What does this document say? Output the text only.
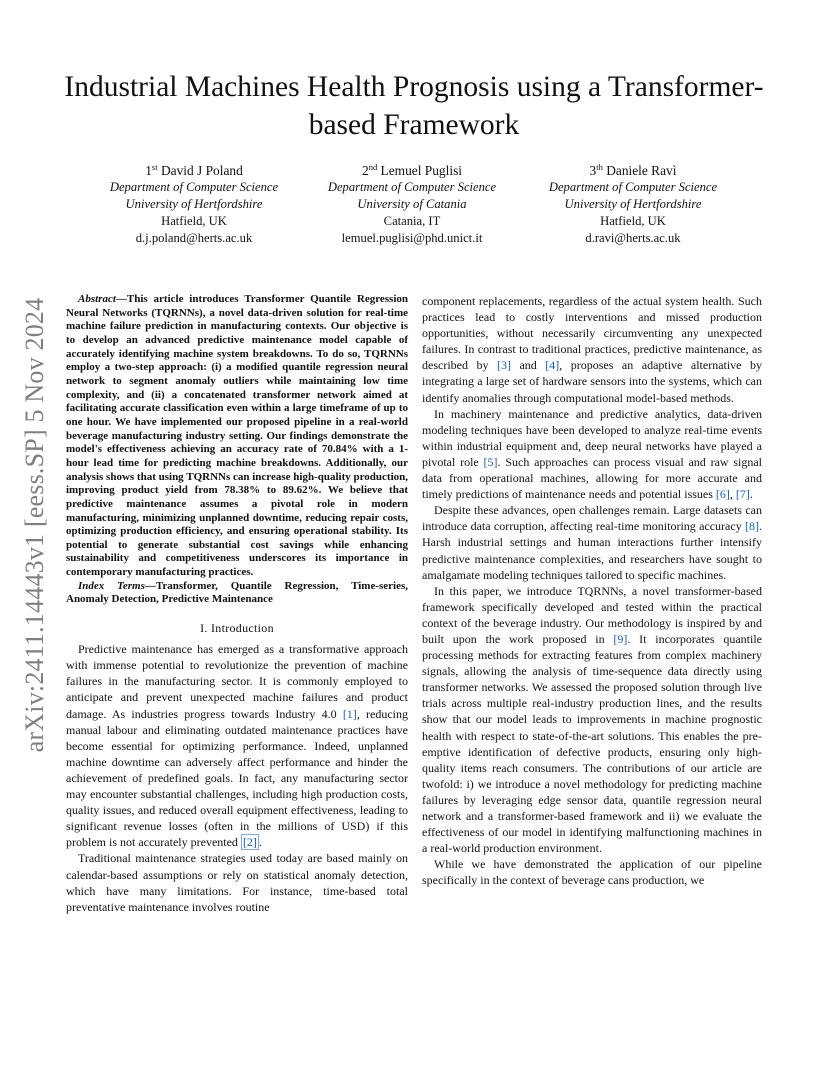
arXiv:2411.14443v1 [eess.SP] 5 Nov 2024
Industrial Machines Health Prognosis using a Transformer-based Framework
1st David J Poland
Department of Computer Science
University of Hertfordshire
Hatfield, UK
d.j.poland@herts.ac.uk
2nd Lemuel Puglisi
Department of Computer Science
University of Catania
Catania, IT
lemuel.puglisi@phd.unict.it
3th Daniele Ravì
Department of Computer Science
University of Hertfordshire
Hatfield, UK
d.ravi@herts.ac.uk

Abstract—This article introduces Transformer Quantile Regression Neural Networks (TQRNNs), a novel data-driven solution for real-time machine failure prediction in manufacturing contexts. Our objective is to develop an advanced predictive maintenance model capable of accurately identifying machine system breakdowns. To do so, TQRNNs employ a two-step approach: (i) a modified quantile regression neural network to segment anomaly outliers while maintaining low time complexity, and (ii) a concatenated transformer network aimed at facilitating accurate classification even within a large timeframe of up to one hour. We have implemented our proposed pipeline in a real-world beverage manufacturing industry setting. Our findings demonstrate the model's effectiveness achieving an accuracy rate of 70.84% with a 1-hour lead time for predicting machine breakdowns. Additionally, our analysis shows that using TQRNNs can increase high-quality production, improving product yield from 78.38% to 89.62%. We believe that predictive maintenance assumes a pivotal role in modern manufacturing, minimizing unplanned downtime, reducing repair costs, optimizing production efficiency, and ensuring operational stability. Its potential to generate substantial cost savings while enhancing sustainability and competitiveness underscores its importance in contemporary manufacturing practices.

Index Terms—Transformer, Quantile Regression, Time-series, Anomaly Detection, Predictive Maintenance

I. Introduction

Predictive maintenance has emerged as a transformative approach with immense potential to revolutionize the prevention of machine failures in the manufacturing sector. It is commonly employed to anticipate and prevent unexpected machine failures and product damage. As industries progress towards Industry 4.0 [1], reducing manual labour and eliminating outdated maintenance practices have become essential for optimizing performance. Indeed, unplanned machine downtime can adversely affect performance and hinder the achievement of predefined goals. In fact, any manufacturing sector may encounter substantial challenges, including high production costs, quality issues, and reduced overall equipment effectiveness, leading to significant revenue losses (often in the millions of USD) if this problem is not accurately prevented [2] .

Traditional maintenance strategies used today are based mainly on calendar-based assumptions or rely on statistical anomaly detection, which have many limitations. For instance, time-based total preventative maintenance involves routine

component replacements, regardless of the actual system health. Such practices lead to costly interventions and missed production opportunities, without necessarily circumventing any unexpected failures. In contrast to traditional practices, predictive maintenance, as described by [3] and [4], proposes an adaptive alternative by integrating a large set of hardware sensors into the systems, which can identify anomalies through computational model-based methods.

In machinery maintenance and predictive analytics, data-driven modeling techniques have been developed to analyze real-time events within industrial equipment and, deep neural networks have played a pivotal role [5]. Such approaches can process visual and raw signal data from operational machines, allowing for more accurate and timely predictions of maintenance needs and potential issues [6], [7].

Despite these advances, open challenges remain. Large datasets can introduce data corruption, affecting real-time monitoring accuracy [8]. Harsh industrial settings and human interactions further intensify predictive maintenance complexities, and researchers have sought to amalgamate modeling techniques tailored to specific machines.

In this paper, we introduce TQRNNs, a novel transformer-based framework specifically developed and tested within the practical context of the beverage industry. Our methodology is inspired by and built upon the work proposed in [9]. It incorporates quantile processing methods for extracting features from complex machinery signals, allowing the analysis of time-sequence data directly using transformer networks. We assessed the proposed solution through live trials across multiple real-industry production lines, and the results show that our model leads to improvements in machine prognostic health with respect to state-of-the-art solutions. This enables the pre-emptive identification of defective products, ensuring only high-quality items reach consumers. The contributions of our article are twofold: i) we introduce a novel methodology for predicting machine failures by leveraging edge sensor data, quantile regression neural network and a transformer-based framework and ii) we evaluate the effectiveness of our model in identifying malfunctioning machines in a real-world production environment.

While we have demonstrated the application of our pipeline specifically in the context of beverage cans production, we
